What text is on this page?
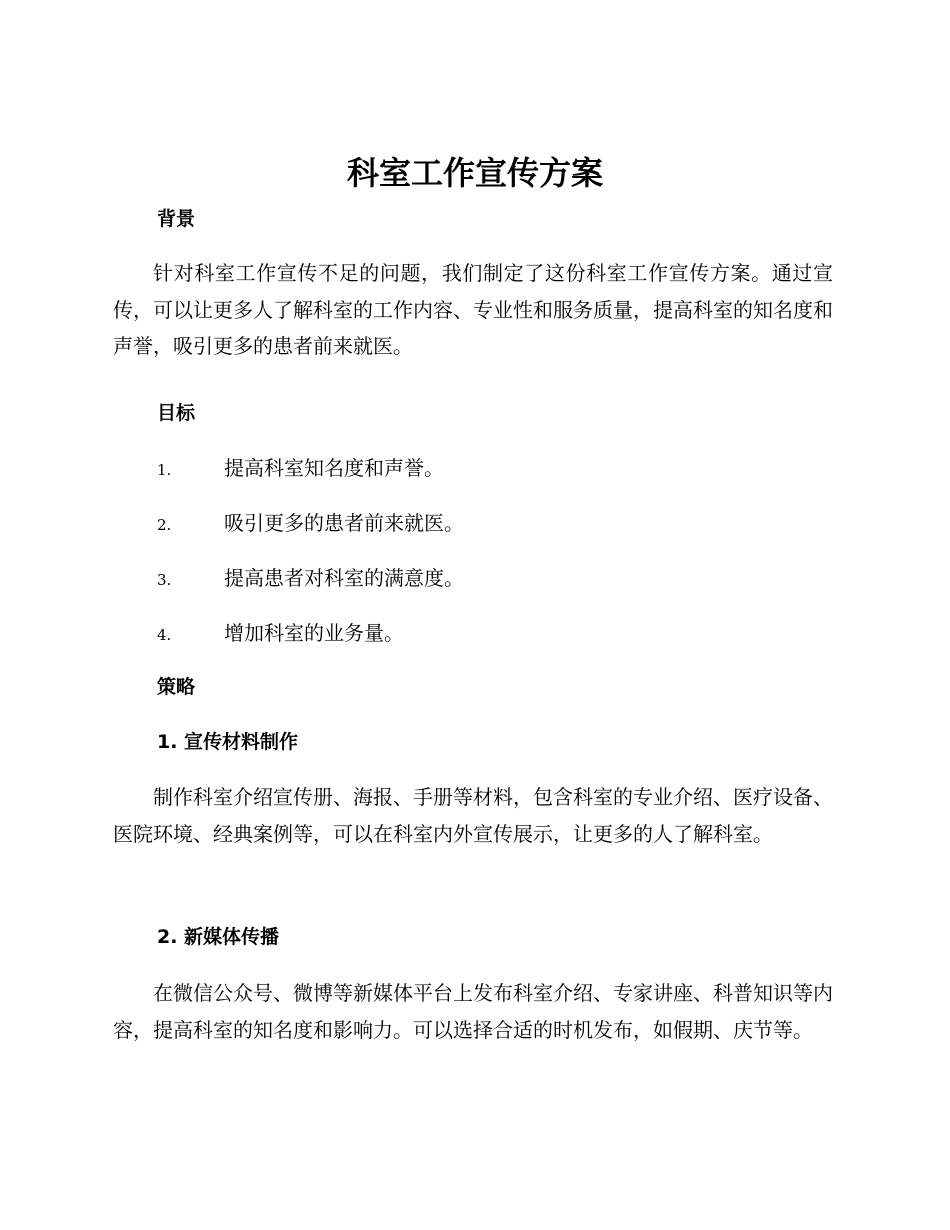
科室工作宣传方案
背景

针对科室工作宣传不足的问题，我们制定了这份科室工作宣传方案。通过宣传，可以让更多人了解科室的工作内容、专业性和服务质量，提高科室的知名度和声誉，吸引更多的患者前来就医。

目标
1.	提高科室知名度和声誉。
2.	吸引更多的患者前来就医。
3.	提高患者对科室的满意度。
4.	增加科室的业务量。
策略
1. 宣传材料制作

制作科室介绍宣传册、海报、手册等材料，包含科室的专业介绍、医疗设备、医院环境、经典案例等，可以在科室内外宣传展示，让更多的人了解科室。

2. 新媒体传播

在微信公众号、微博等新媒体平台上发布科室介绍、专家讲座、科普知识等内容，提高科室的知名度和影响力。可以选择合适的时机发布，如假期、庆节等。
